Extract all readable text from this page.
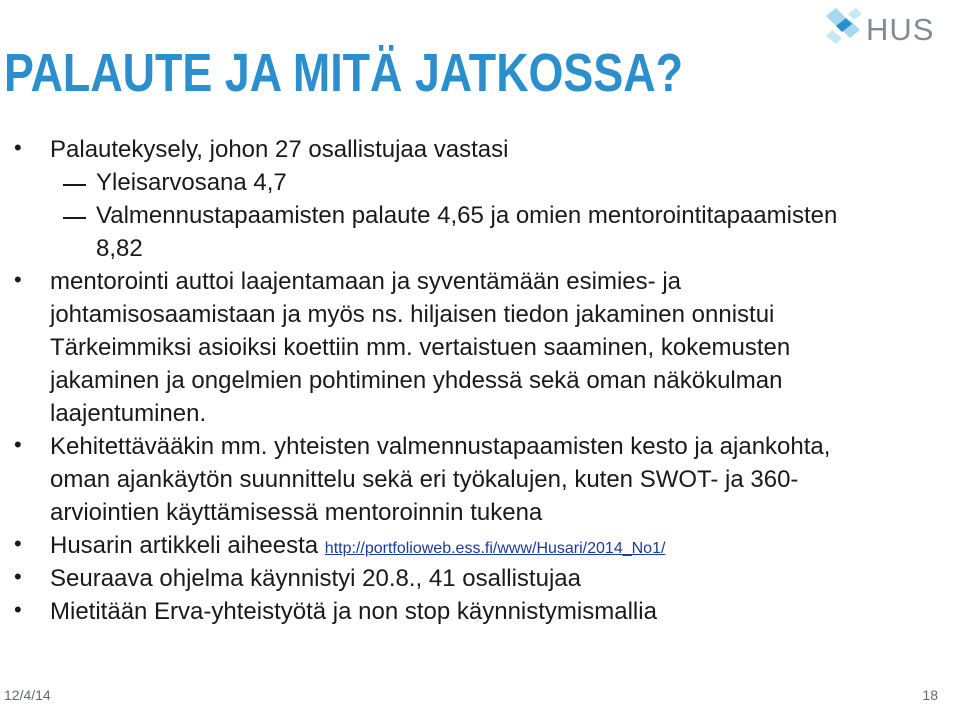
HUS
PALAUTE JA MITÄ JATKOSSA?
• Palautekysely, johon 27 osallistujaa vastasi
Yleisarvosana 4,7
Valmennustapaamisten palaute 4,65 ja omien mentorointitapaamisten
8,82
• mentorointi auttoi laajentamaan ja syventämään esimies- ja
johtamisosaamistaan ja myös ns. hiljaisen tiedon jakaminen onnistui
Tärkeimmiksi asioiksi koettiin mm. vertaistuen saaminen, kokemusten
jakaminen ja ongelmien pohtiminen yhdessä sekä oman näkökulman
laajentuminen.
• Kehitettävääkin mm. yhteisten valmennustapaamisten kesto ja ajankohta,
oman ajankäytön suunnittelu sekä eri työkalujen, kuten SWOT- ja 360-
arviointien käyttämisessä mentoroinnin tukena
• Husarin artikkeli aiheesta http://portfolioweb.ess.fi/www/Husari/2014_No1/
• Seuraava ohjelma käynnistyi 20.8., 41 osallistujaa
• Mietitään Erva-yhteistyötä ja non stop käynnistymismallia
12/4/14	18
